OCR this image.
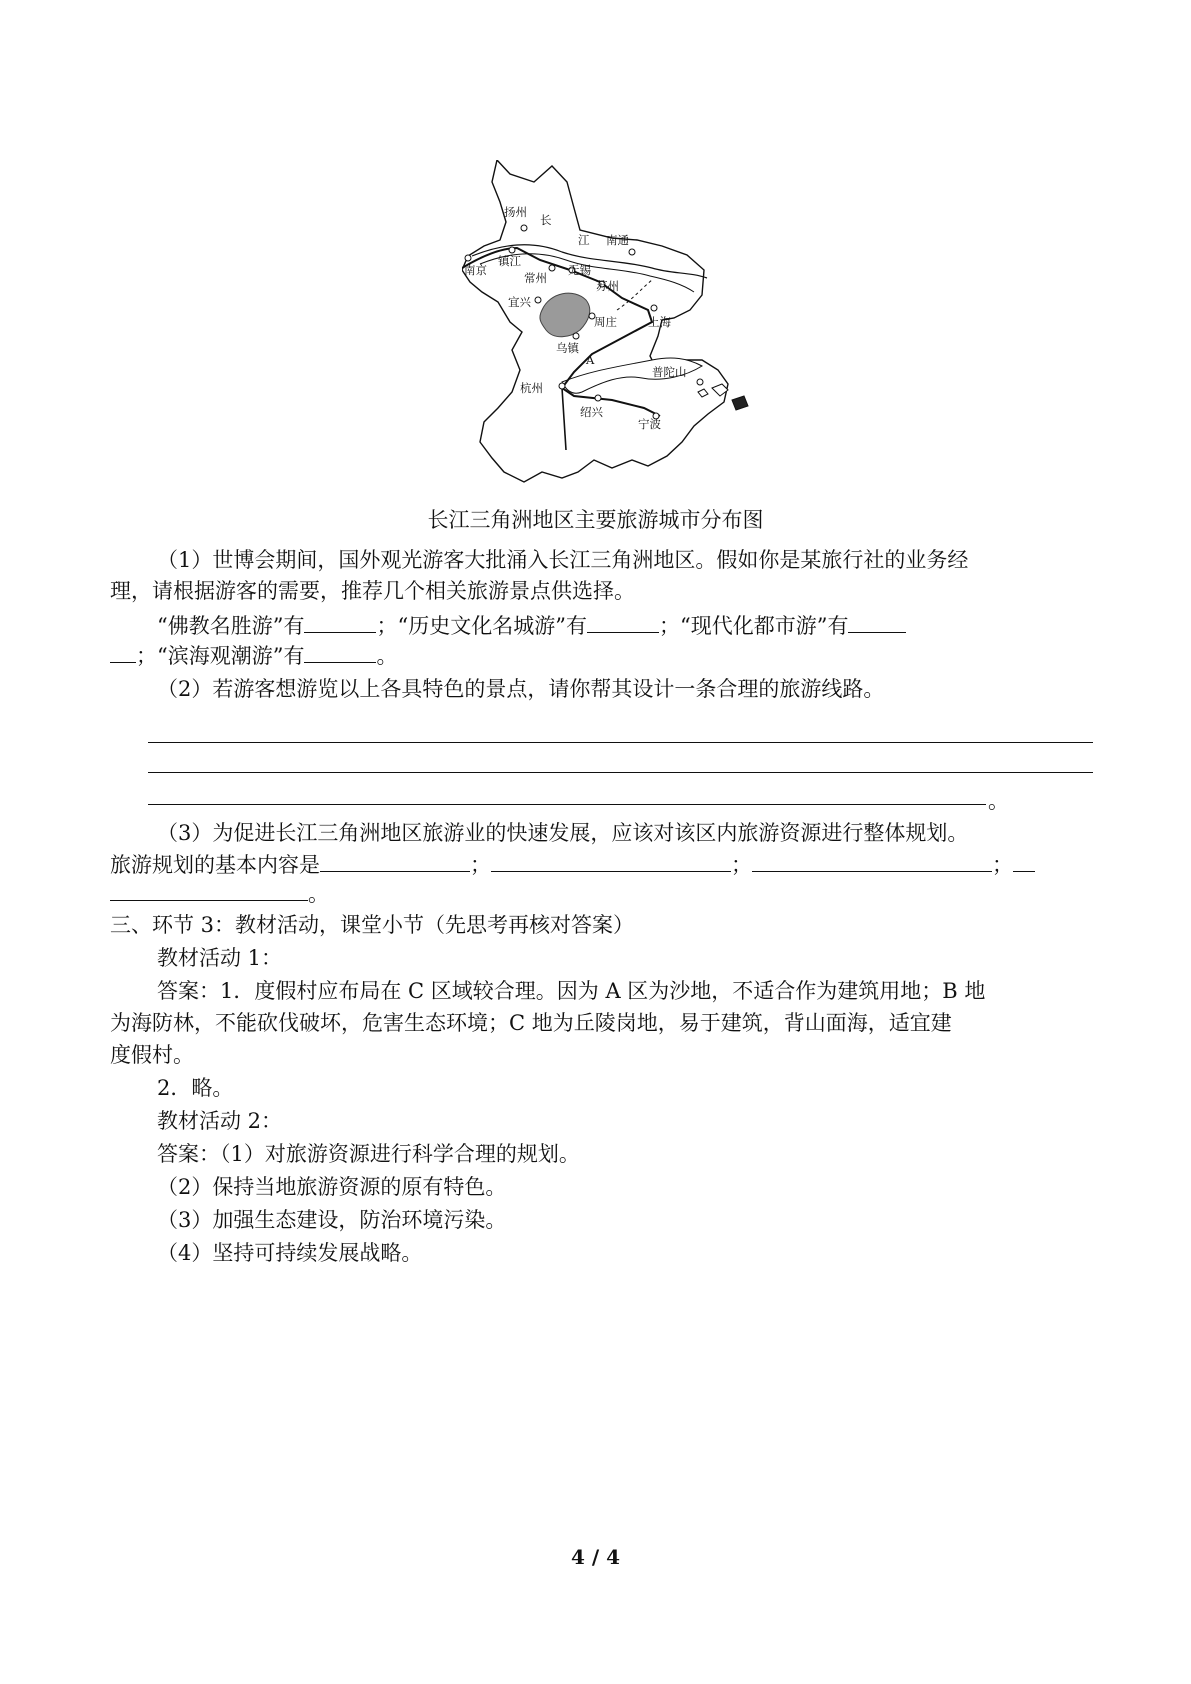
扬州
长
江 南通
南京
镇江
常州
无锡
苏州
宜兴
周庄	上海
乌镇
A
普陀山
杭州
绍兴
宁波
长江三角洲地区主要旅游城市分布图
（1）世博会期间，国外观光游客大批涌入长江三角洲地区。假如你是某旅行社的业务经
理，请根据游客的需要，推荐几个相关旅游景点供选择。
“佛教名胜游”有	；“历史文化名城游”有	；“现代化都市游”有
；“滨海观潮游”有	。
（2）若游客想游览以上各具特色的景点，请你帮其设计一条合理的旅游线路。
。
（3）为促进长江三角洲地区旅游业的快速发展，应该对该区内旅游资源进行整体规划。
旅游规划的基本内容是	；	；	；
。
三、环节 3：教材活动，课堂小节（先思考再核对答案）
教材活动 1：
答案：1．度假村应布局在 C 区域较合理。因为 A 区为沙地，不适合作为建筑用地；B 地
为海防林，不能砍伐破坏，危害生态环境；C 地为丘陵岗地，易于建筑，背山面海，适宜建
度假村。
2．略。
教材活动 2：
答案：（1）对旅游资源进行科学合理的规划。
（2）保持当地旅游资源的原有特色。
（3）加强生态建设，防治环境污染。
（4）坚持可持续发展战略。
4 / 4
